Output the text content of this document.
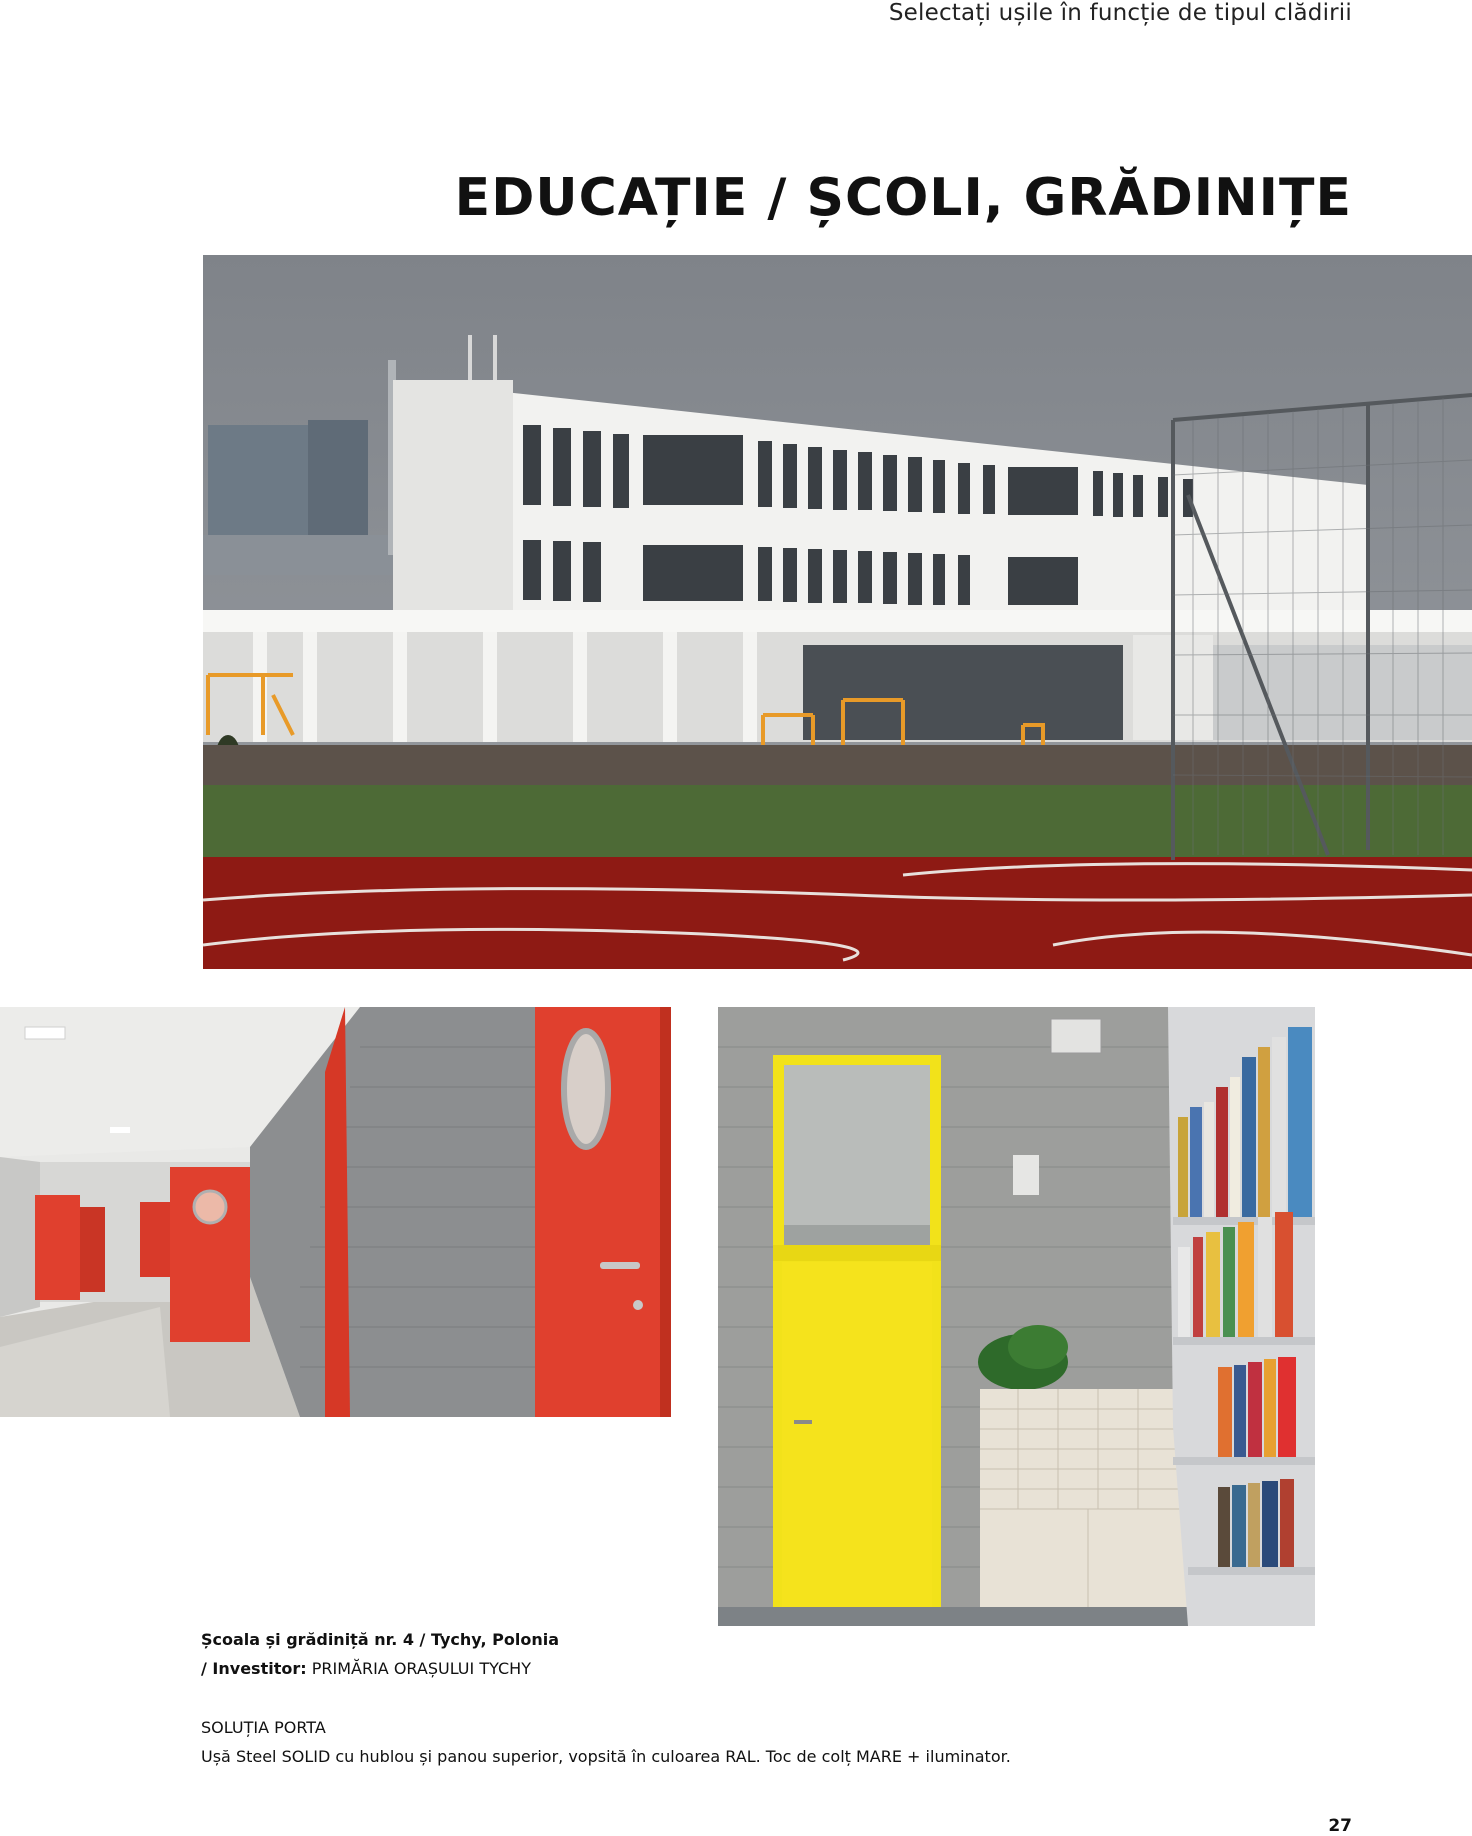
Selectați ușile în funcție de tipul clădirii
EDUCAȚIE / ȘCOLI, GRĂDINIȚE
Școala și grădiniță nr. 4 / Tychy, Polonia
/ Investitor: PRIMĂRIA ORAȘULUI TYCHY
SOLUȚIA PORTA
Ușă Steel SOLID cu hublou și panou superior, vopsită în culoarea RAL. Toc de colț MARE + iluminator.
27
